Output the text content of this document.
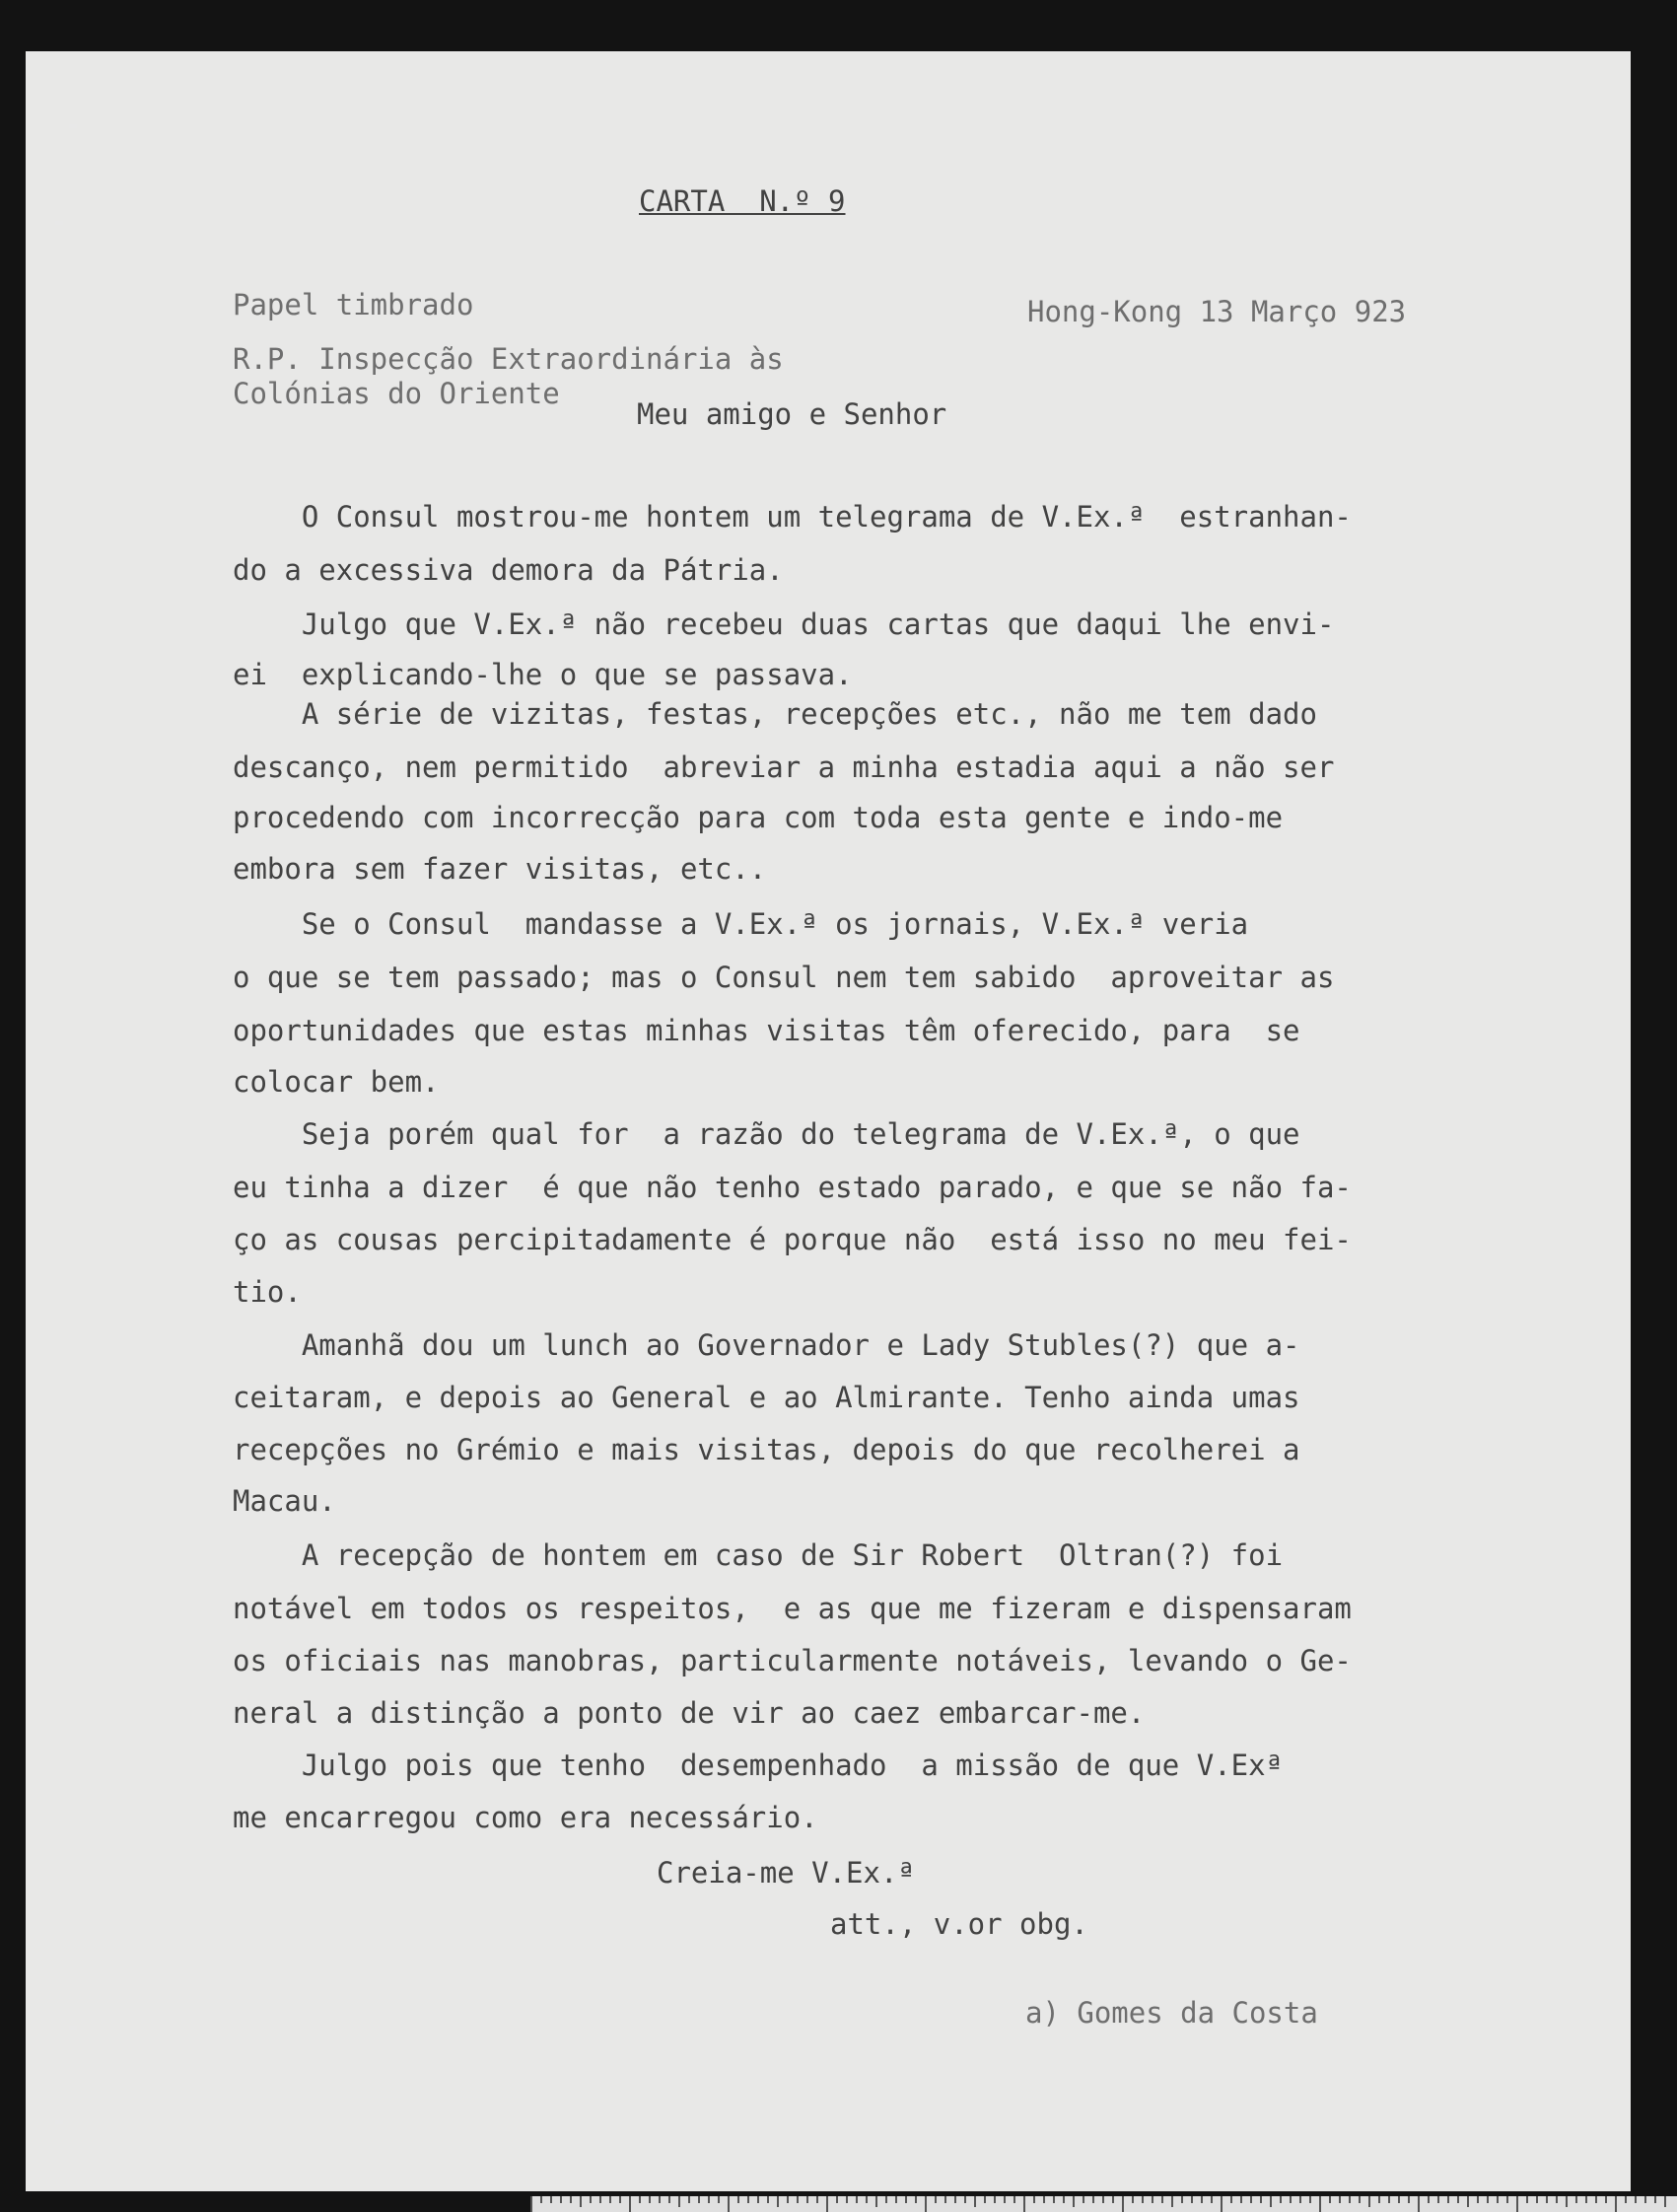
CARTA  N.º 9
Papel timbrado	Hong-Kong 13 Março 923
R.P. Inspecção Extraordinária às
Colónias do Oriente
Meu amigo e Senhor
O Consul mostrou-me hontem um telegrama de V.Ex.ª  estranhan-
do a excessiva demora da Pátria.
Julgo que V.Ex.ª não recebeu duas cartas que daqui lhe envi-
ei  explicando-lhe o que se passava.
A série de vizitas, festas, recepções etc., não me tem dado
descanço, nem permitido  abreviar a minha estadia aqui a não ser
procedendo com incorrecção para com toda esta gente e indo-me
embora sem fazer visitas, etc..
Se o Consul  mandasse a V.Ex.ª os jornais, V.Ex.ª veria
o que se tem passado; mas o Consul nem tem sabido  aproveitar as
oportunidades que estas minhas visitas têm oferecido, para  se
colocar bem.
Seja porém qual for  a razão do telegrama de V.Ex.ª, o que
eu tinha a dizer  é que não tenho estado parado, e que se não fa-
ço as cousas percipitadamente é porque não  está isso no meu fei-
tio.
Amanhã dou um lunch ao Governador e Lady Stubles(?) que a-
ceitaram, e depois ao General e ao Almirante. Tenho ainda umas
recepções no Grémio e mais visitas, depois do que recolherei a
Macau.
A recepção de hontem em caso de Sir Robert  Oltran(?) foi
notável em todos os respeitos,  e as que me fizeram e dispensaram
os oficiais nas manobras, particularmente notáveis, levando o Ge-
neral a distinção a ponto de vir ao caez embarcar-me.
Julgo pois que tenho  desempenhado  a missão de que V.Exª
me encarregou como era necessário.
Creia-me V.Ex.ª
att., v.or obg.
a) Gomes da Costa
